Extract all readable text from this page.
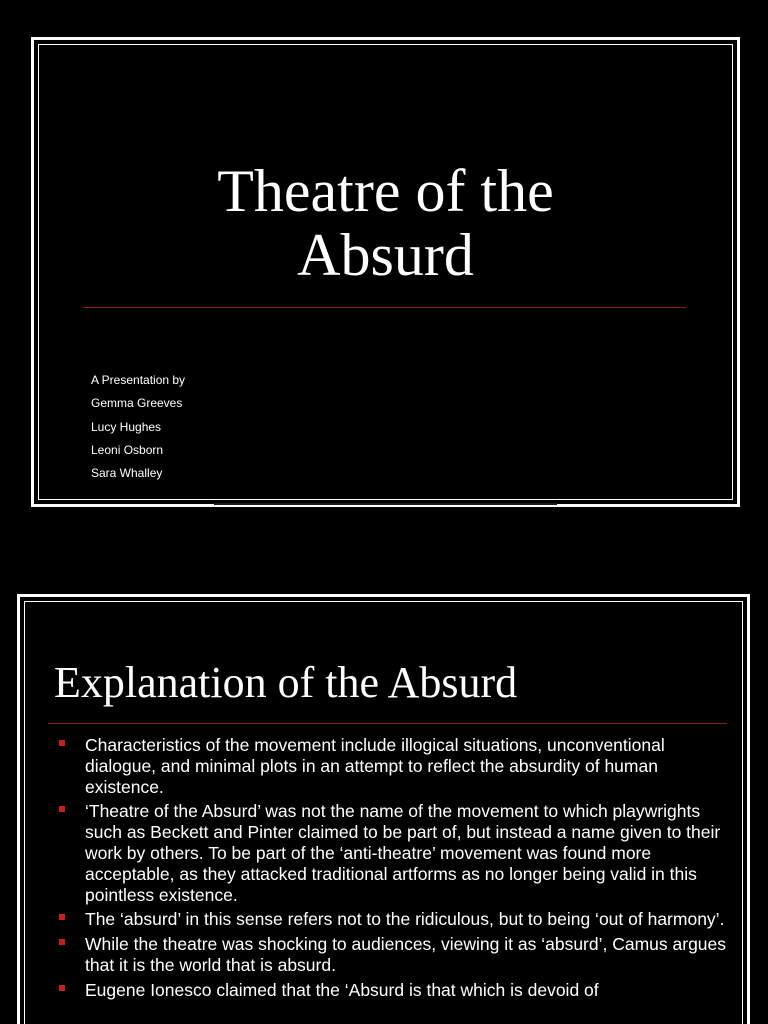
Theatre of the
Absurd
A Presentation by
Gemma Greeves
Lucy Hughes
Leoni Osborn
Sara Whalley
Explanation of the Absurd
Characteristics of the movement include illogical situations, unconventional dialogue, and minimal plots in an attempt to reflect the absurdity of human existence.
‘Theatre of the Absurd’ was not the name of the movement to which playwrights such as Beckett and Pinter claimed to be part of, but instead a name given to their work by others. To be part of the ‘anti-theatre’ movement was found more acceptable, as they attacked traditional artforms as no longer being valid in this pointless existence.
The ‘absurd’ in this sense refers not to the ridiculous, but to being ‘out of harmony’.
While the theatre was shocking to audiences, viewing it as ‘absurd’, Camus argues that it is the world that is absurd.
Eugene Ionesco claimed that the ‘Absurd is that which is devoid of
